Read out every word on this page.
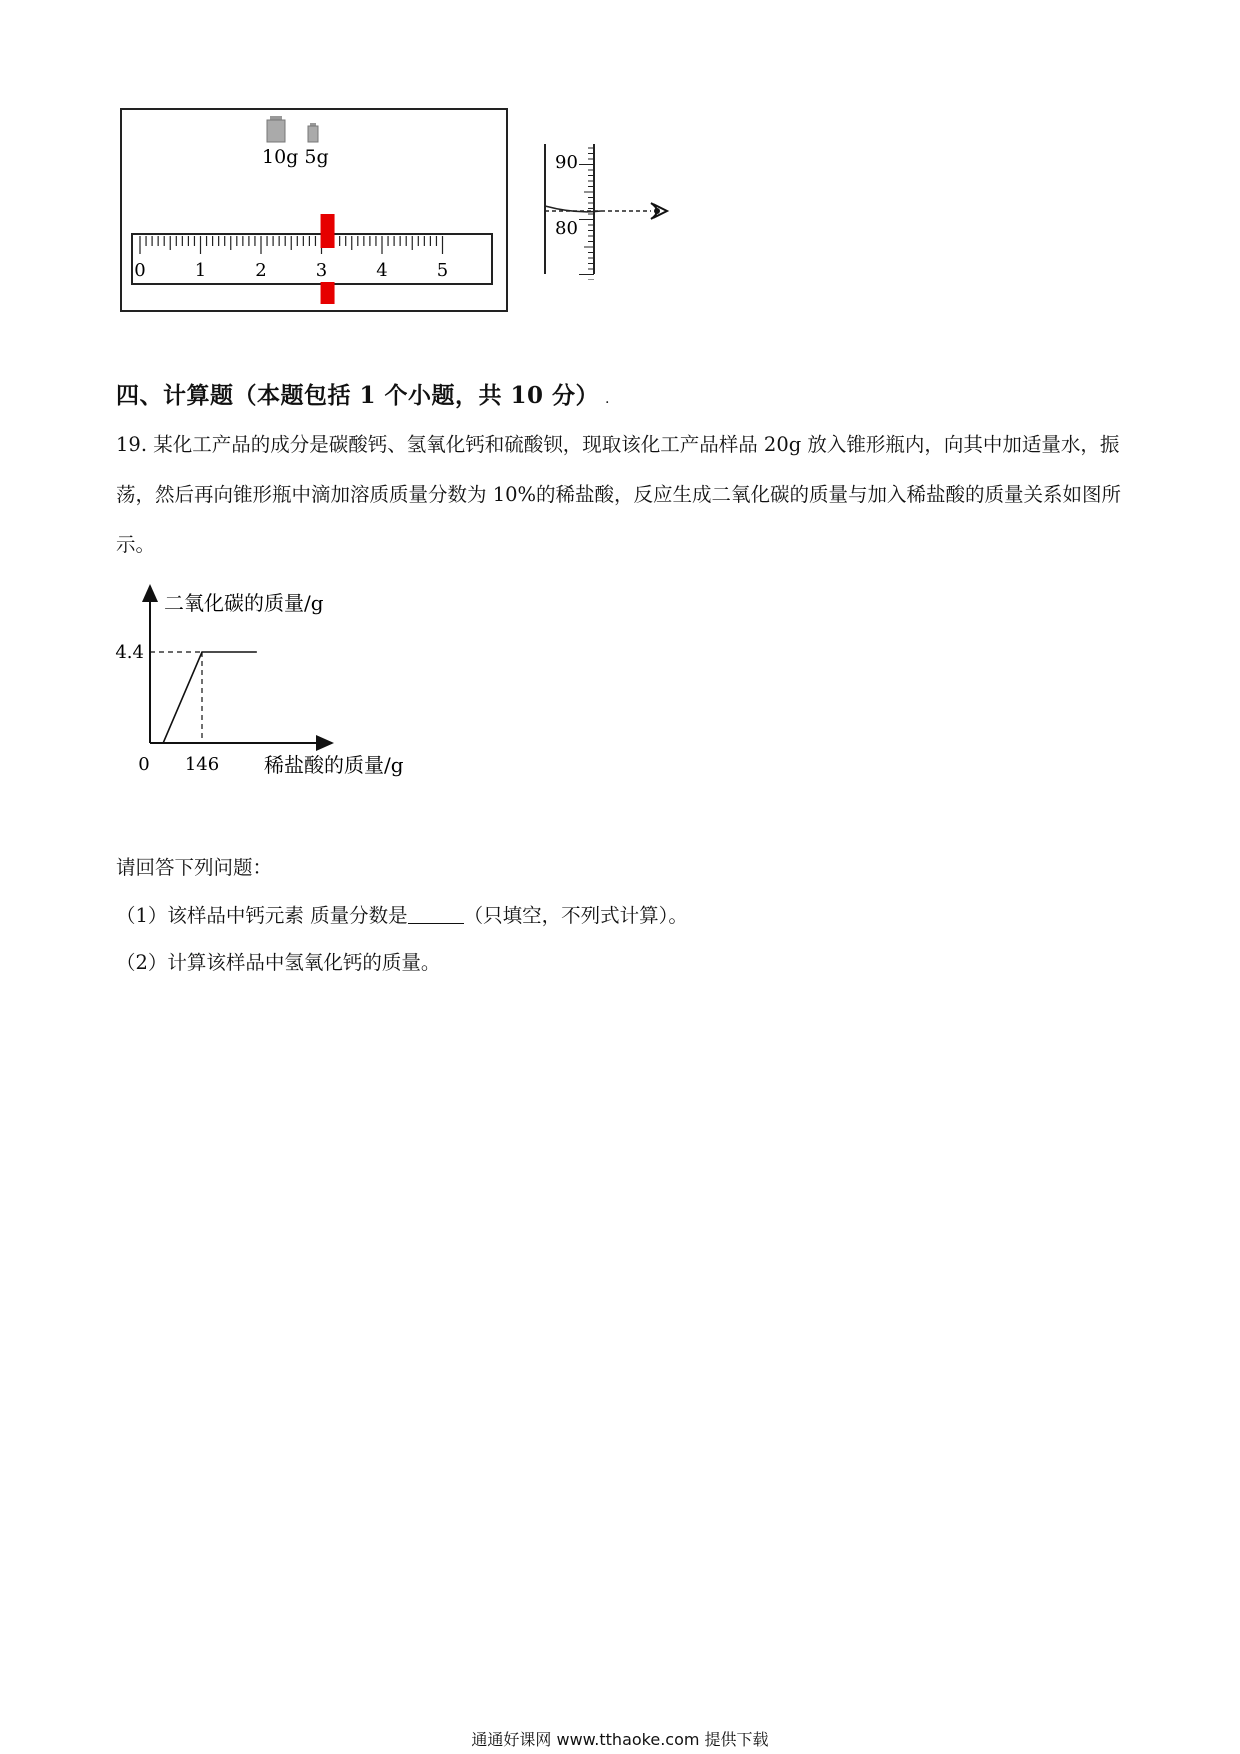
10g 5g
0	1	2	3	4	5
90
80
四、计算题（本题包括 1 个小题，共 10 分） .
19. 某化工产品的成分是碳酸钙、氢氧化钙和硫酸钡，现取该化工产品样品 20g 放入锥形瓶内，向其中加适量水，振荡，然后再向锥形瓶中滴加溶质质量分数为 10%的稀盐酸，反应生成二氧化碳的质量与加入稀盐酸的质量关系如图所示。
二氧化碳的质量/g
稀盐酸的质量/g
0 146
4.4
请回答下列问题：
（1）该样品中钙元素 质量分数是	（只填空，不列式计算）。
（2）计算该样品中氢氧化钙的质量。
通通好课网 www.tthaoke.com 提供下载
